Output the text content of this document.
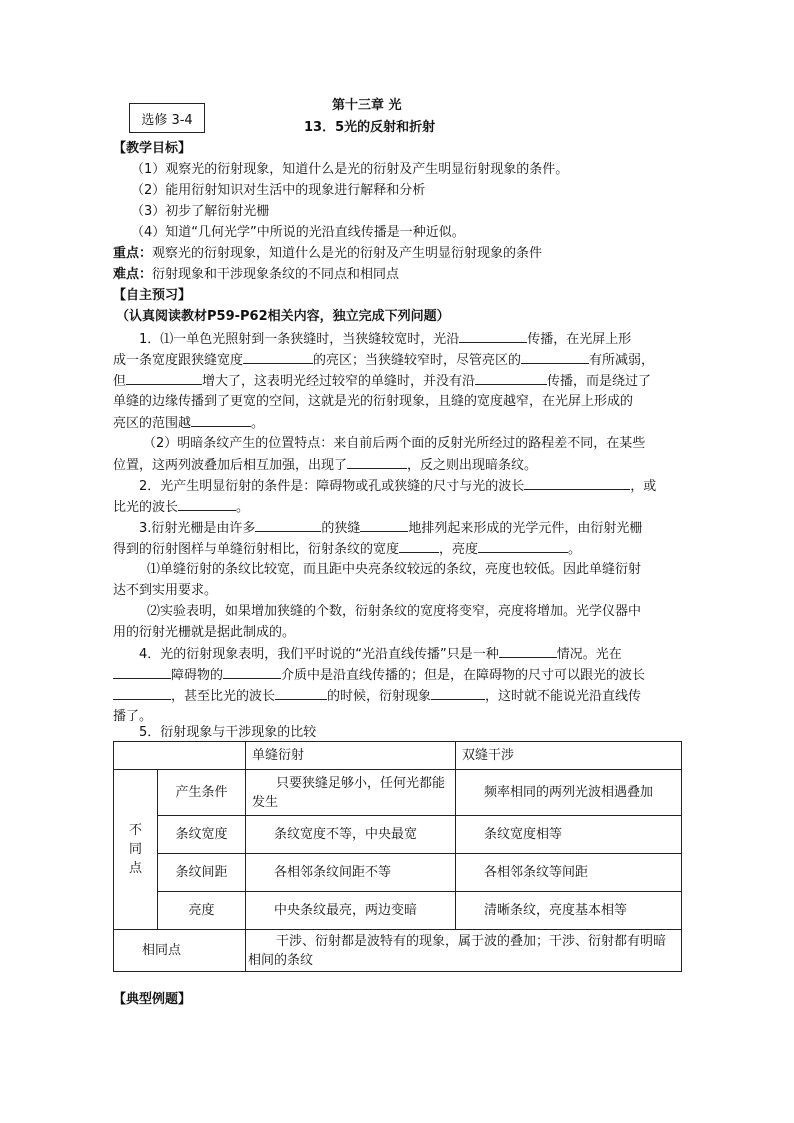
选修 3-4
第十三章 光
13．5光的反射和折射
【教学目标】
（1）观察光的衍射现象，知道什么是光的衍射及产生明显衍射现象的条件。
（2）能用衍射知识对生活中的现象进行解释和分析
（3）初步了解衍射光栅
（4）知道“几何光学”中所说的光沿直线传播是一种近似。
重点：观察光的衍射现象，知道什么是光的衍射及产生明显衍射现象的条件
难点：衍射现象和干涉现象条纹的不同点和相同点
【自主预习】
（认真阅读教材P59-P62相关内容，独立完成下列问题）
1．⑴一单色光照射到一条狭缝时，当狭缝较宽时，光沿	传播，在光屏上形
成一条宽度跟狭缝宽度	的亮区；当狭缝较窄时，尽管亮区的	有所减弱，
但	增大了，这表明光经过较窄的单缝时，并没有沿	传播，而是绕过了
单缝的边缘传播到了更宽的空间，这就是光的衍射现象，且缝的宽度越窄，在光屏上形成的
亮区的范围越	。
（2）明暗条纹产生的位置特点：来自前后两个面的反射光所经过的路程差不同，在某些
位置，这两列波叠加后相互加强，出现了	，反之则出现暗条纹。
2．光产生明显衍射的条件是：障碍物或孔或狭缝的尺寸与光的波长	，或
比光的波长	。
3.衍射光栅是由许多	的狭缝	地排列起来形成的光学元件，由衍射光栅
得到的衍射图样与单缝衍射相比，衍射条纹的宽度	，亮度	。
⑴单缝衍射的条纹比较宽，而且距中央亮条纹较远的条纹，亮度也较低。因此单缝衍射
达不到实用要求。
⑵实验表明，如果增加狭缝的个数，衍射条纹的宽度将变窄，亮度将增加。光学仪器中
用的衍射光栅就是据此制成的。
4．光的衍射现象表明，我们平时说的“光沿直线传播”只是一种	情况。光在
障碍物的	介质中是沿直线传播的；但是，在障碍物的尺寸可以跟光的波长
，甚至比光的波长	的时候，衍射现象	，这时就不能说光沿直线传
播了。
5．衍射现象与干涉现象的比较
		单缝衍射	双缝干涉

不
同
点	产生条件	只要狭缝足够小，任何光都能发生	频率相同的两列光波相遇叠加
	条纹宽度	条纹宽度不等，中央最宽	条纹宽度相等
	条纹间距	各相邻条纹间距不等	各相邻条纹等间距
	亮度	中央条纹最亮，两边变暗	清晰条纹，亮度基本相等
相同点		干涉、衍射都是波特有的现象，属于波的叠加；干涉、衍射都有明暗相间的条纹	
【典型例题】
